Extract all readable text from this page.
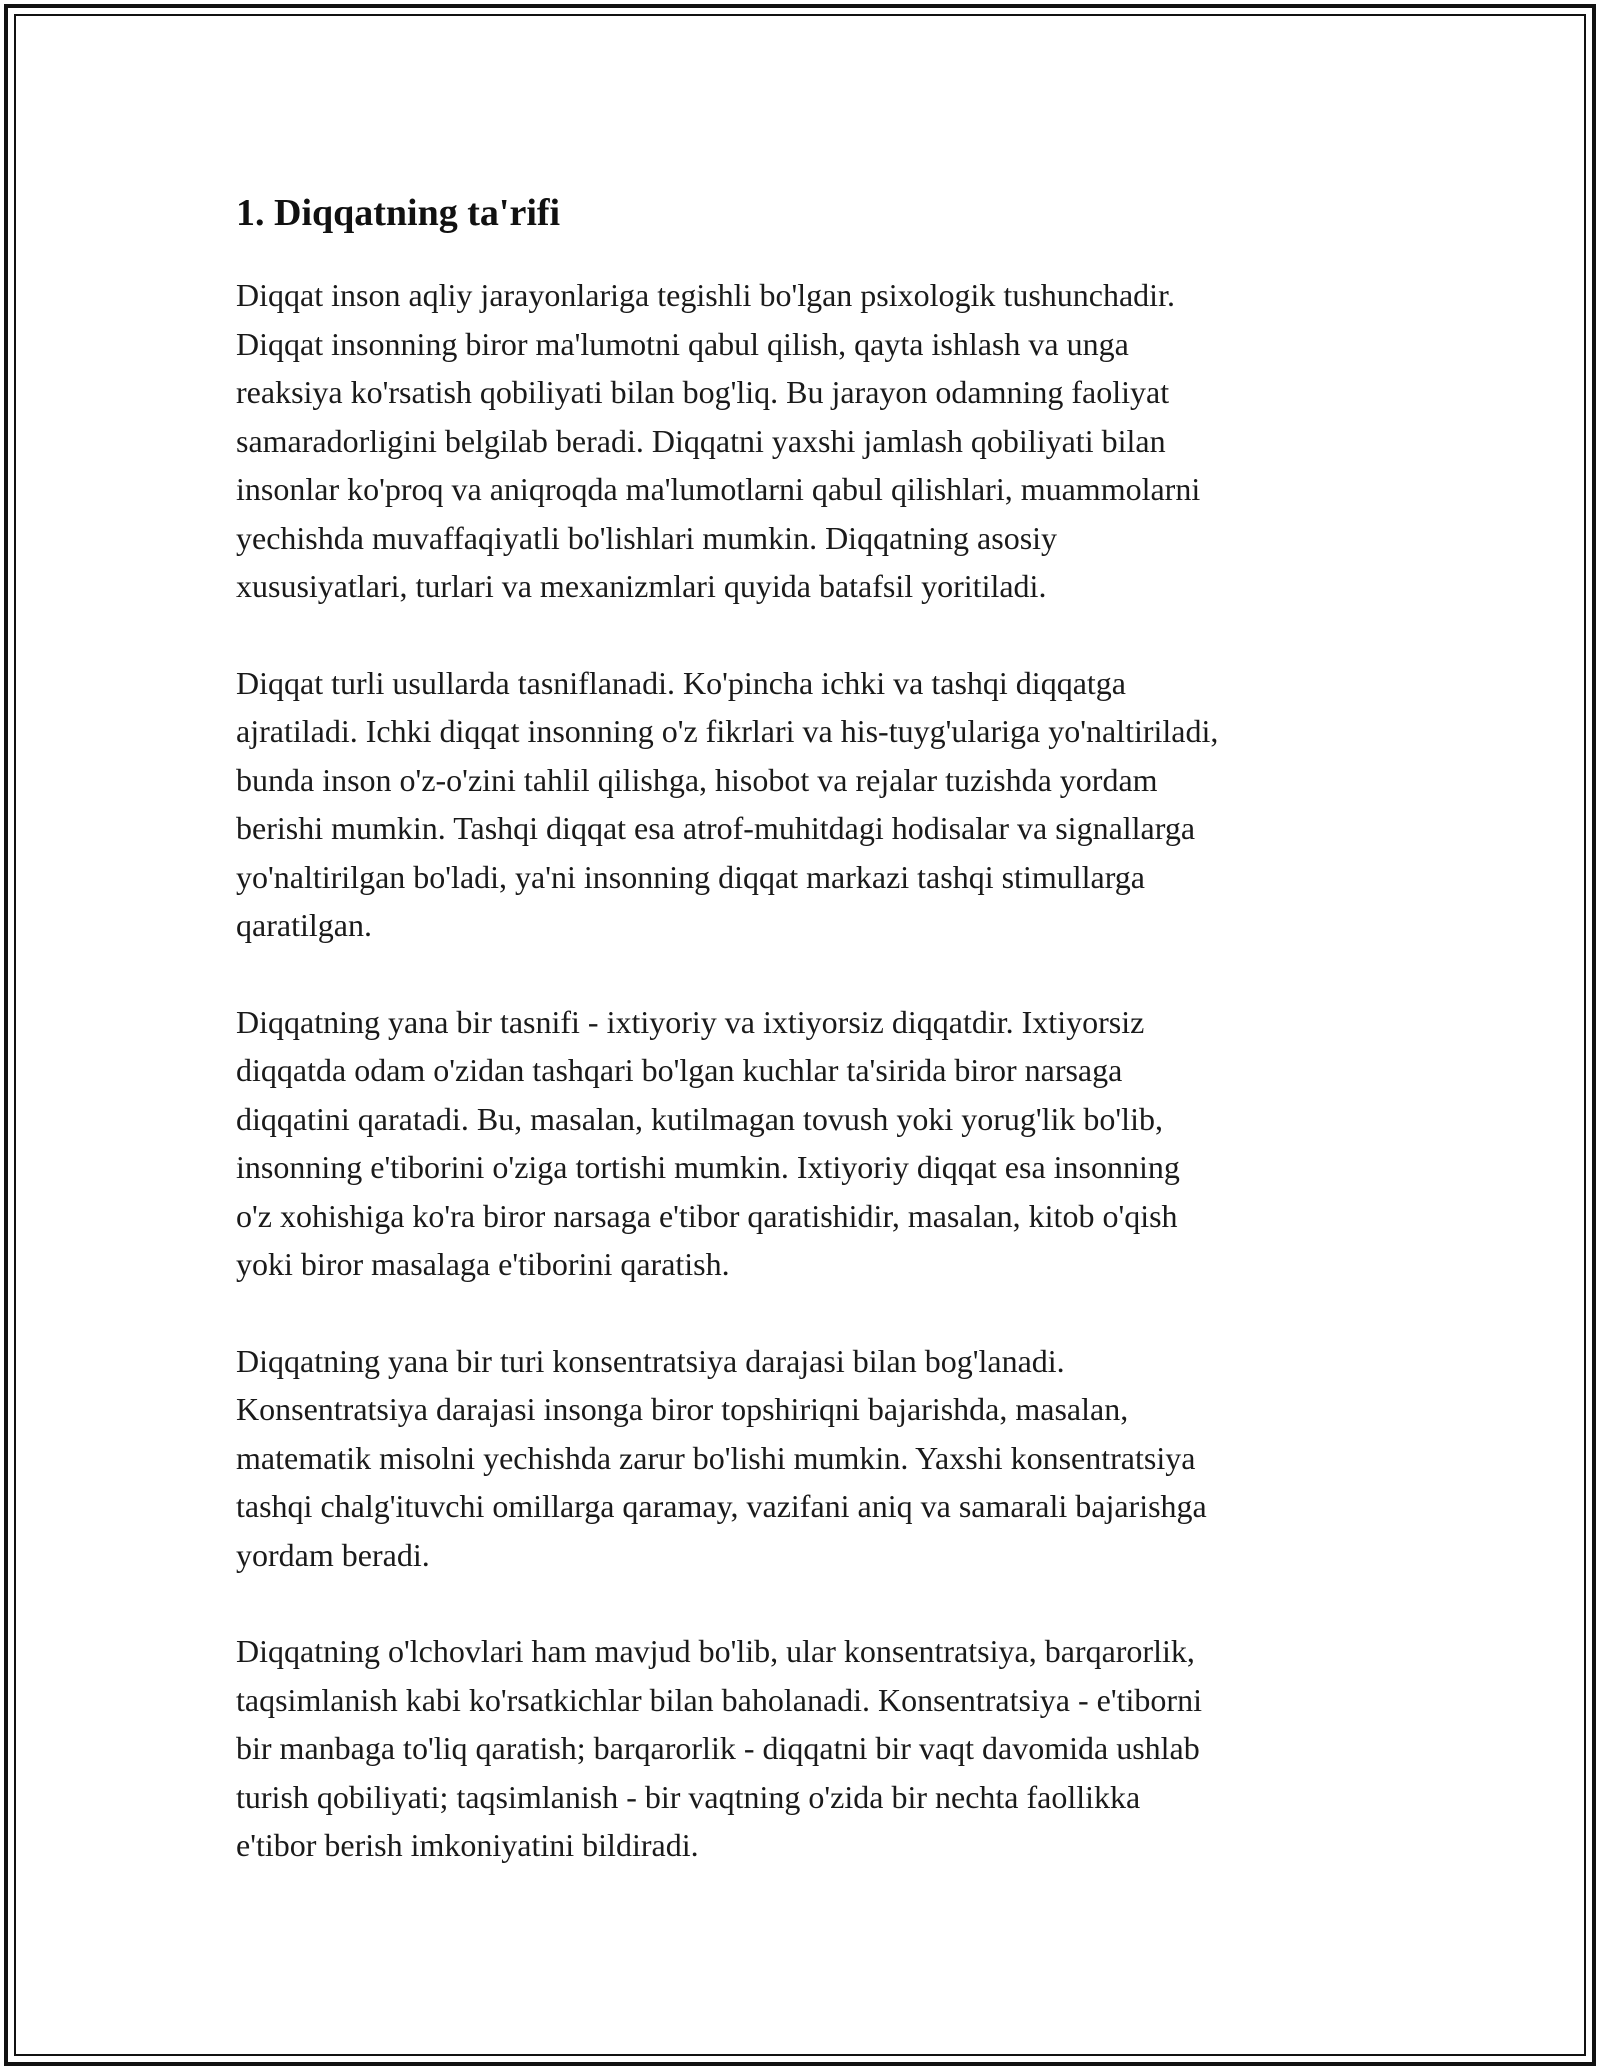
1. Diqqatning ta'rifi

Diqqat inson aqliy jarayonlariga tegishli bo'lgan psixologik tushunchadir.
Diqqat insonning biror ma'lumotni qabul qilish, qayta ishlash va unga
reaksiya ko'rsatish qobiliyati bilan bog'liq. Bu jarayon odamning faoliyat
samaradorligini belgilab beradi. Diqqatni yaxshi jamlash qobiliyati bilan
insonlar ko'proq va aniqroqda ma'lumotlarni qabul qilishlari, muammolarni
yechishda muvaffaqiyatli bo'lishlari mumkin. Diqqatning asosiy
xususiyatlari, turlari va mexanizmlari quyida batafsil yoritiladi.

Diqqat turli usullarda tasniflanadi. Ko'pincha ichki va tashqi diqqatga
ajratiladi. Ichki diqqat insonning o'z fikrlari va his-tuyg'ulariga yo'naltiriladi,
bunda inson o'z-o'zini tahlil qilishga, hisobot va rejalar tuzishda yordam
berishi mumkin. Tashqi diqqat esa atrof-muhitdagi hodisalar va signallarga
yo'naltirilgan bo'ladi, ya'ni insonning diqqat markazi tashqi stimullarga
qaratilgan.

Diqqatning yana bir tasnifi - ixtiyoriy va ixtiyorsiz diqqatdir. Ixtiyorsiz
diqqatda odam o'zidan tashqari bo'lgan kuchlar ta'sirida biror narsaga
diqqatini qaratadi. Bu, masalan, kutilmagan tovush yoki yorug'lik bo'lib,
insonning e'tiborini o'ziga tortishi mumkin. Ixtiyoriy diqqat esa insonning
o'z xohishiga ko'ra biror narsaga e'tibor qaratishidir, masalan, kitob o'qish
yoki biror masalaga e'tiborini qaratish.

Diqqatning yana bir turi konsentratsiya darajasi bilan bog'lanadi.
Konsentratsiya darajasi insonga biror topshiriqni bajarishda, masalan,
matematik misolni yechishda zarur bo'lishi mumkin. Yaxshi konsentratsiya
tashqi chalg'ituvchi omillarga qaramay, vazifani aniq va samarali bajarishga
yordam beradi.

Diqqatning o'lchovlari ham mavjud bo'lib, ular konsentratsiya, barqarorlik,
taqsimlanish kabi ko'rsatkichlar bilan baholanadi. Konsentratsiya - e'tiborni
bir manbaga to'liq qaratish; barqarorlik - diqqatni bir vaqt davomida ushlab
turish qobiliyati; taqsimlanish - bir vaqtning o'zida bir nechta faollikka
e'tibor berish imkoniyatini bildiradi.
